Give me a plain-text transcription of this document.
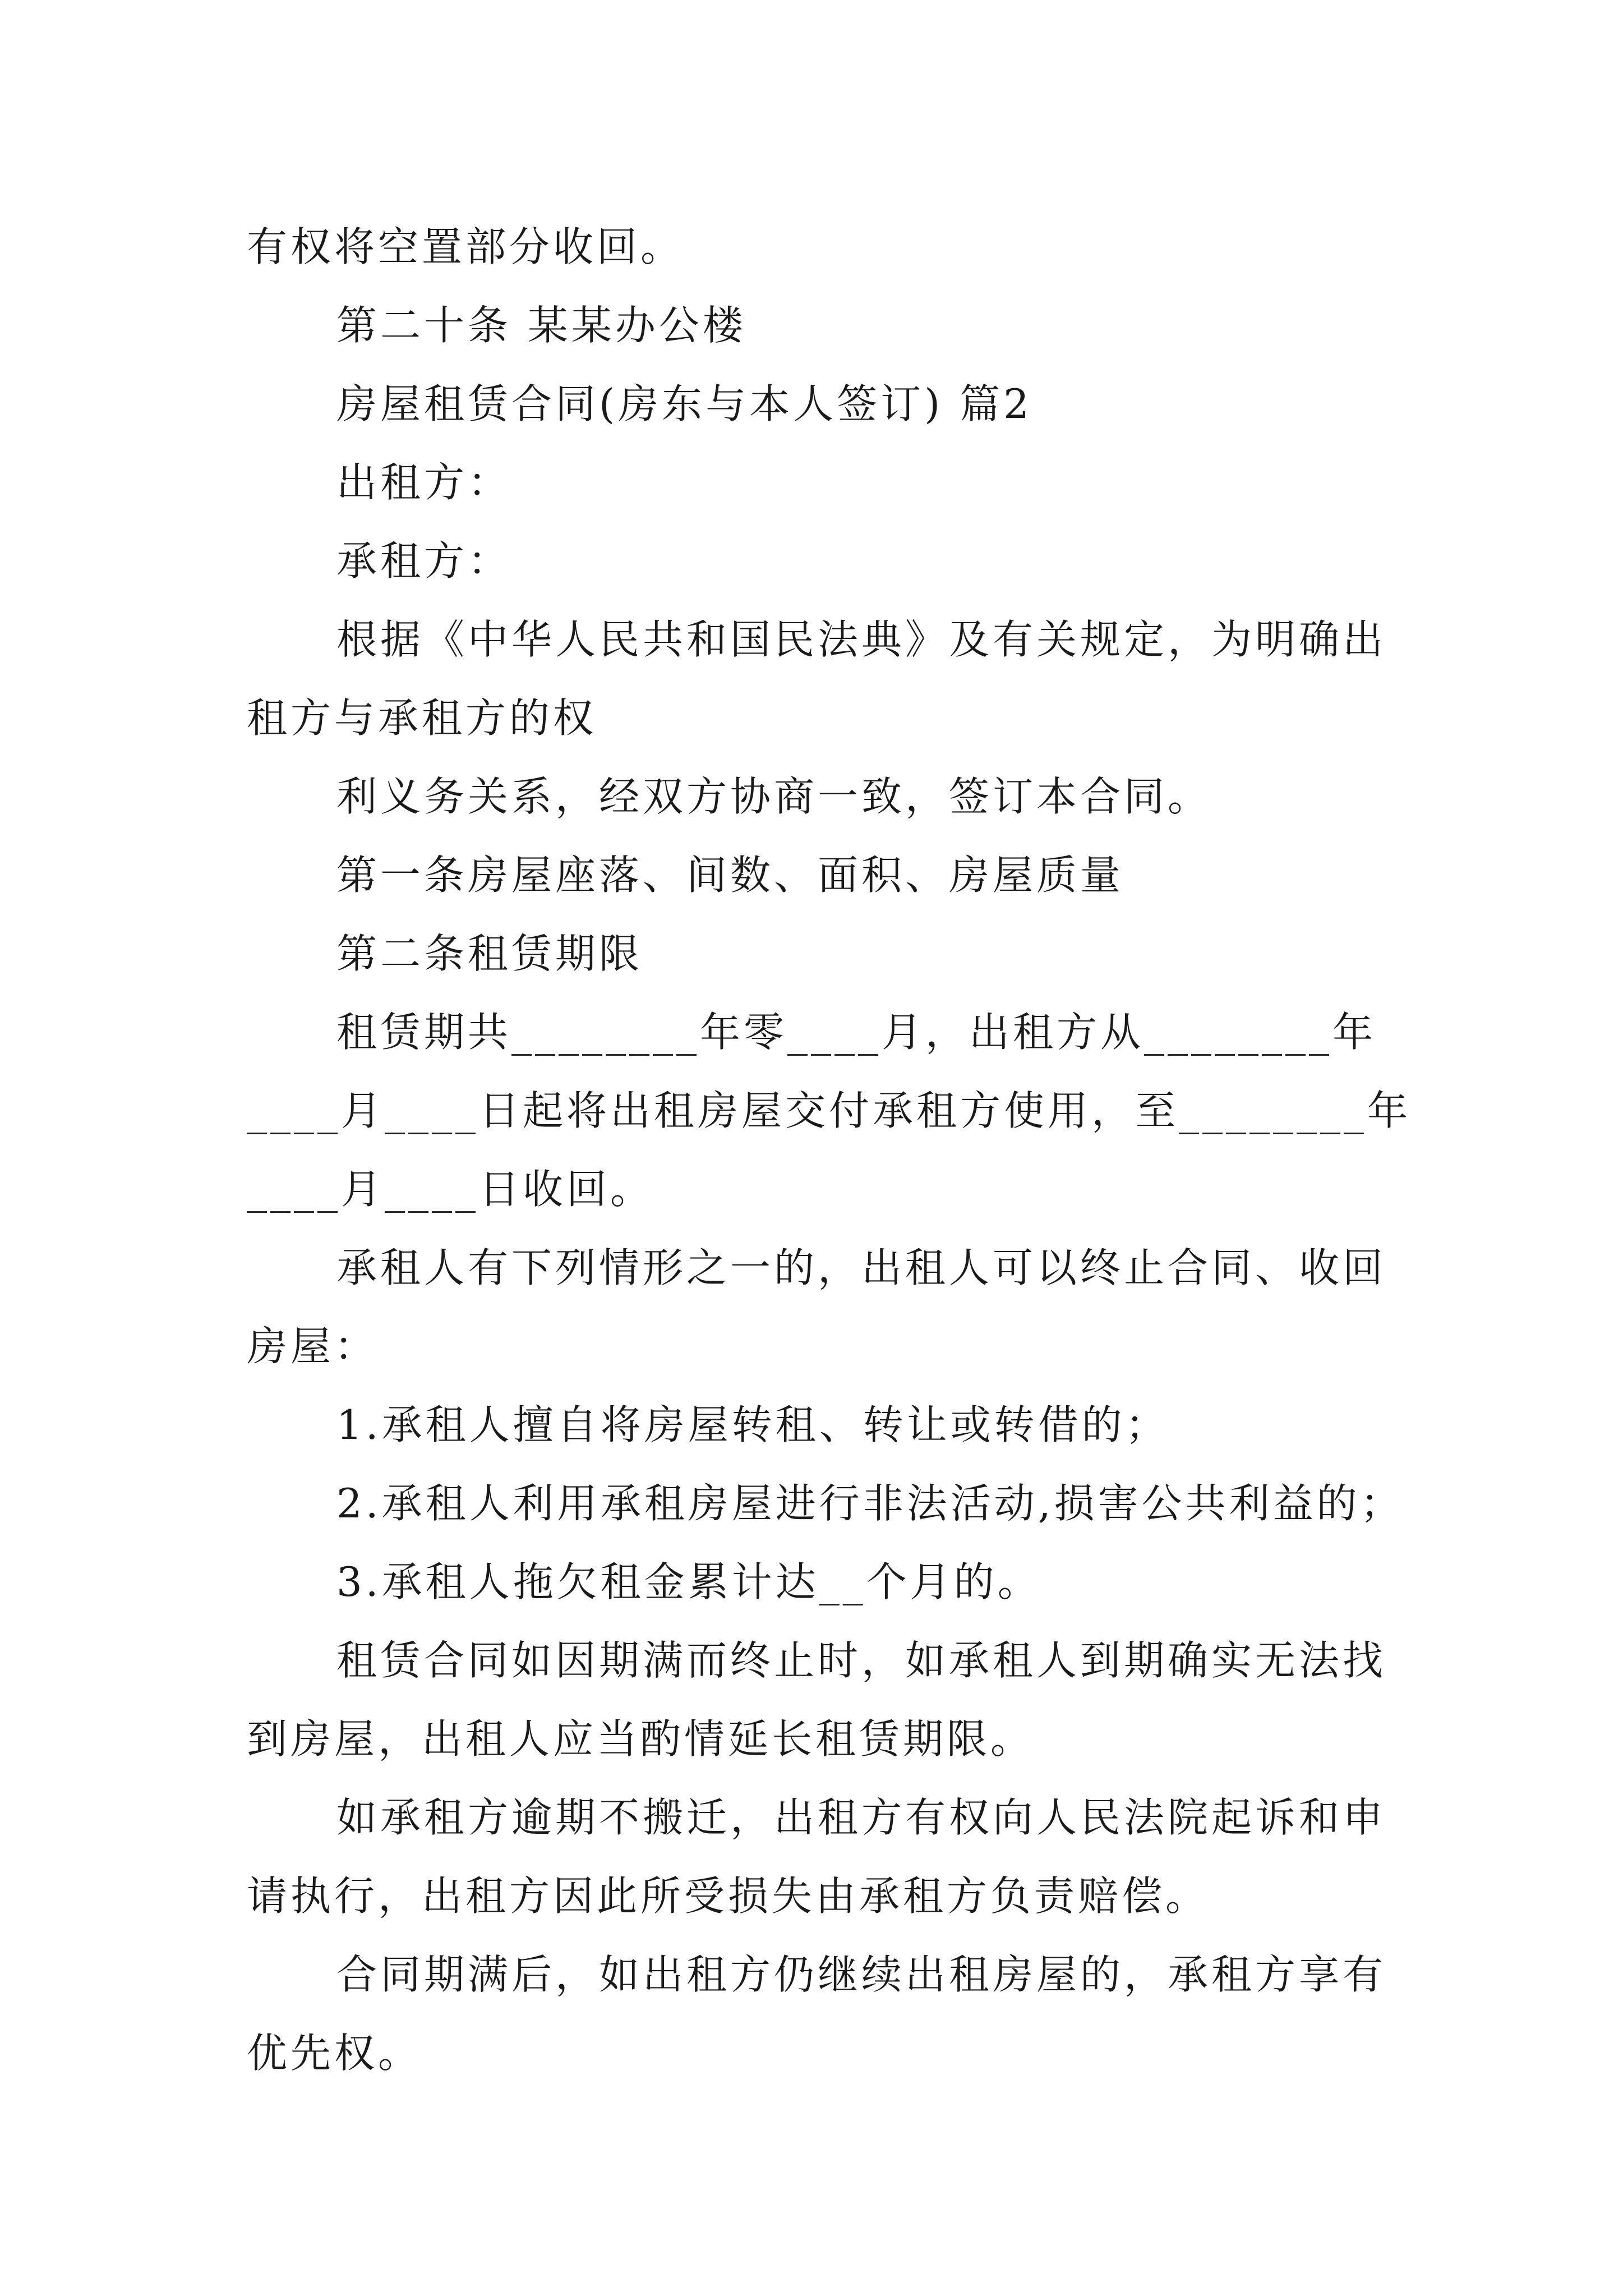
有权将空置部分收回。
第二十条 某某办公楼
房屋租赁合同(房东与本人签订) 篇2
出租方：
承租方：
根据《中华人民共和国民法典》及有关规定，为明确出
租方与承租方的权
利义务关系，经双方协商一致，签订本合同。
第一条房屋座落、间数、面积、房屋质量
第二条租赁期限
租赁期共________年零____月，出租方从________年
____月____日起将出租房屋交付承租方使用，至________年
____月____日收回。
承租人有下列情形之一的，出租人可以终止合同、收回
房屋：
1.承租人擅自将房屋转租、转让或转借的；
2.承租人利用承租房屋进行非法活动,损害公共利益的；
3.承租人拖欠租金累计达__个月的。
租赁合同如因期满而终止时，如承租人到期确实无法找
到房屋，出租人应当酌情延长租赁期限。
如承租方逾期不搬迁，出租方有权向人民法院起诉和申
请执行，出租方因此所受损失由承租方负责赔偿。
合同期满后，如出租方仍继续出租房屋的，承租方享有
优先权。
